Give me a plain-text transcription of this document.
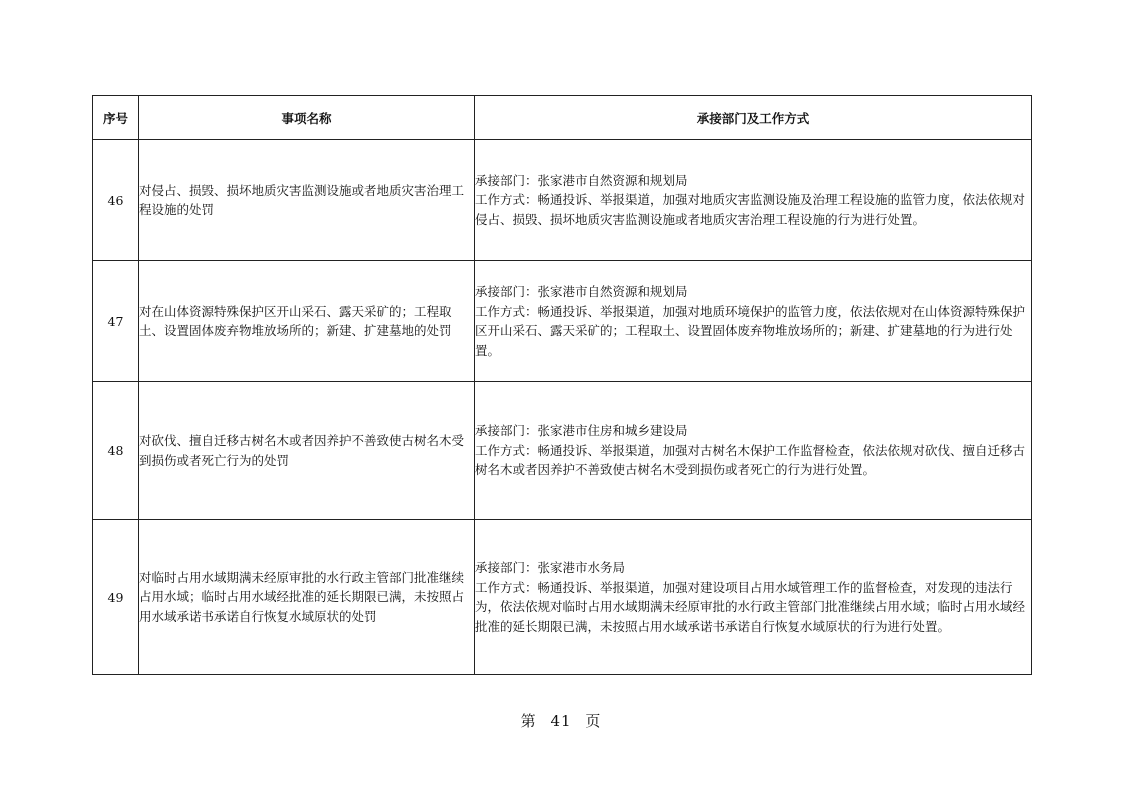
序号	事项名称	承接部门及工作方式
46	对侵占、损毁、损坏地质灾害监测设施或者地质灾害治理工程设施的处罚	承接部门：张家港市自然资源和规划局
工作方式：畅通投诉、举报渠道，加强对地质灾害监测设施及治理工程设施的监管力度，依法依规对侵占、损毁、损坏地质灾害监测设施或者地质灾害治理工程设施的行为进行处置。

47	对在山体资源特殊保护区开山采石、露天采矿的；工程取土、设置固体废弃物堆放场所的；新建、扩建墓地的处罚	承接部门：张家港市自然资源和规划局
工作方式：畅通投诉、举报渠道，加强对地质环境保护的监管力度，依法依规对在山体资源特殊保护区开山采石、露天采矿的；工程取土、设置固体废弃物堆放场所的；新建、扩建墓地的行为进行处置。

48	对砍伐、擅自迁移古树名木或者因养护不善致使古树名木受到损伤或者死亡行为的处罚	承接部门：张家港市住房和城乡建设局
工作方式：畅通投诉、举报渠道，加强对古树名木保护工作监督检查，依法依规对砍伐、擅自迁移古树名木或者因养护不善致使古树名木受到损伤或者死亡的行为进行处置。

49	对临时占用水域期满未经原审批的水行政主管部门批准继续占用水域；临时占用水域经批准的延长期限已满，未按照占用水域承诺书承诺自行恢复水域原状的处罚	承接部门：张家港市水务局
工作方式：畅通投诉、举报渠道，加强对建设项目占用水域管理工作的监督检查，对发现的违法行为，依法依规对临时占用水域期满未经原审批的水行政主管部门批准继续占用水域；临时占用水域经批准的延长期限已满，未按照占用水域承诺书承诺自行恢复水域原状的行为进行处置。
第 41 页
